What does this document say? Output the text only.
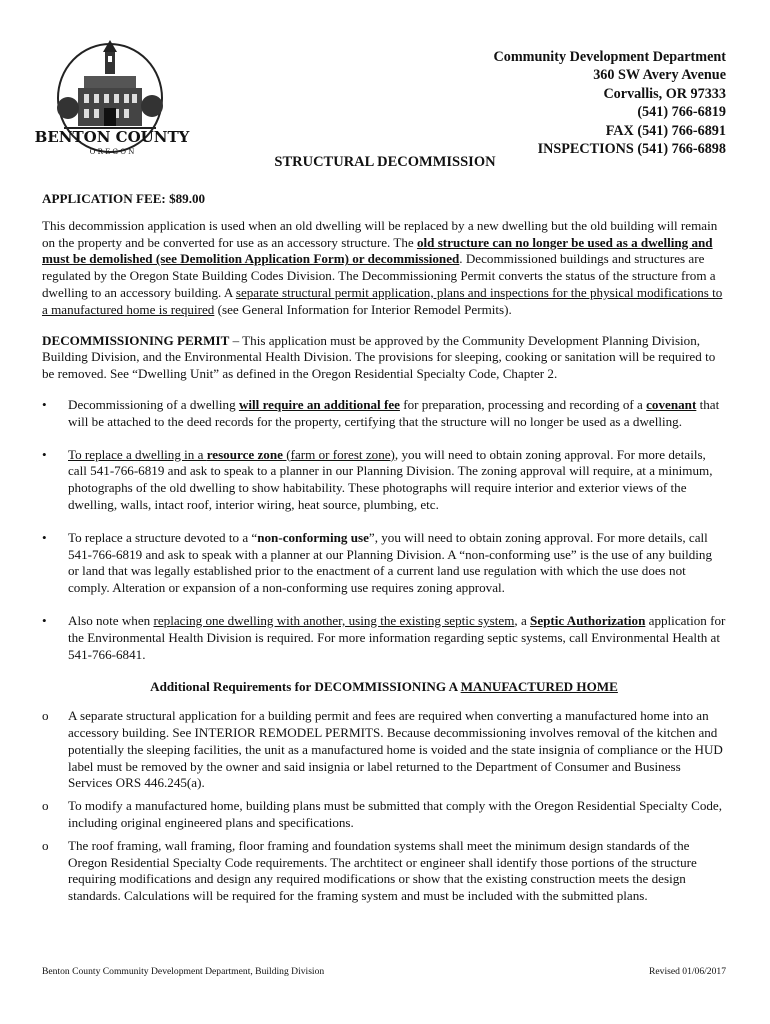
BENTON COUNTY
O R E G O N
Community Development Department
360 SW Avery Avenue
Corvallis, OR 97333
(541) 766-6819
FAX (541) 766-6891
INSPECTIONS (541) 766-6898
STRUCTURAL DECOMMISSION

APPLICATION FEE: $89.00

This decommission application is used when an old dwelling will be replaced by a new dwelling but the old building will remain on the property and be converted for use as an accessory structure. The old structure can no longer be used as a dwelling and must be demolished (see Demolition Application Form) or decommissioned. Decommissioned buildings and structures are regulated by the Oregon State Building Codes Division. The Decommissioning Permit converts the status of the structure from a dwelling to an accessory building. A separate structural permit application, plans and inspections for the physical modifications to a manufactured home is required (see General Information for Interior Remodel Permits).

DECOMMISSIONING PERMIT – This application must be approved by the Community Development Planning Division, Building Division, and the Environmental Health Division. The provisions for sleeping, cooking or sanitation will be required to be removed. See “Dwelling Unit” as defined in the Oregon Residential Specialty Code, Chapter 2.

• Decommissioning of a dwelling will require an additional fee for preparation, processing and recording of a covenant that will be attached to the deed records for the property, certifying that the structure will no longer be used as a dwelling.
• To replace a dwelling in a resource zone (farm or forest zone), you will need to obtain zoning approval. For more details, call 541-766-6819 and ask to speak to a planner in our Planning Division. The zoning approval will require, at a minimum, photographs of the old dwelling to show habitability. These photographs will require interior and exterior views of the dwelling, walls, intact roof, interior wiring, heat source, plumbing, etc.
• To replace a structure devoted to a “non-conforming use”, you will need to obtain zoning approval. For more details, call 541-766-6819 and ask to speak with a planner at our Planning Division. A “non-conforming use” is the use of any building or land that was legally established prior to the enactment of a current land use regulation with which the use does not comply. Alteration or expansion of a non-conforming use requires zoning approval.
• Also note when replacing one dwelling with another, using the existing septic system, a Septic Authorization application for the Environmental Health Division is required. For more information regarding septic systems, call Environmental Health at 541-766-6841.

Additional Requirements for DECOMMISSIONING A MANUFACTURED HOME

o A separate structural application for a building permit and fees are required when converting a manufactured home into an accessory building. See INTERIOR REMODEL PERMITS. Because decommissioning involves removal of the kitchen and potentially the sleeping facilities, the unit as a manufactured home is voided and the state insignia of compliance or the HUD label must be removed by the owner and said insignia or label returned to the Department of Consumer and Business Services ORS 446.245(a).
o To modify a manufactured home, building plans must be submitted that comply with the Oregon Residential Specialty Code, including original engineered plans and specifications.
o The roof framing, wall framing, floor framing and foundation systems shall meet the minimum design standards of the Oregon Residential Specialty Code requirements. The archtitect or engineer shall identify those portions of the structure requiring modifications and design any required modifications or show that the existing construction meets the design standards. Calculations will be required for the framing system and must be included with the submitted plans.
Benton County Community Development Department, Building Division	Revised 01/06/2017
